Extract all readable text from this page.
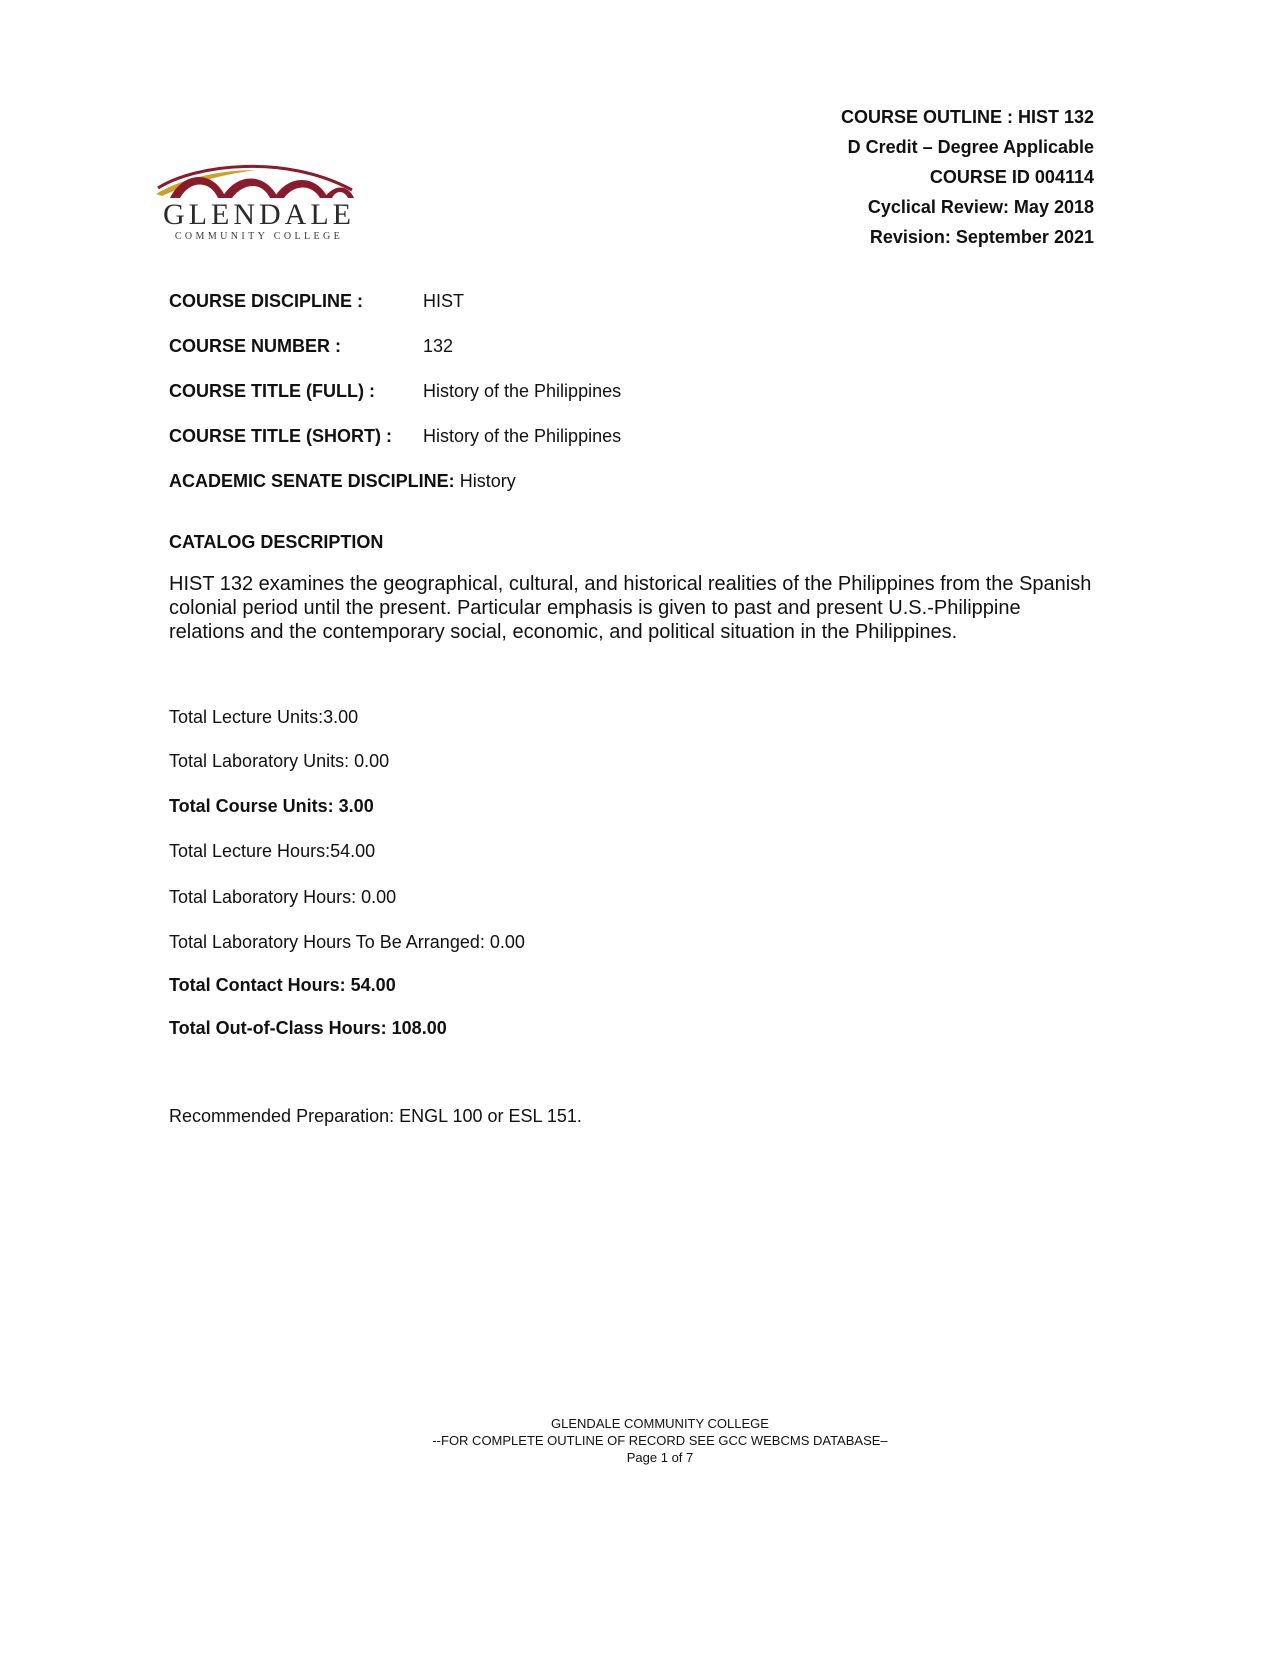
GLENDALE
COMMUNITY COLLEGE
COURSE OUTLINE : HIST 132
D Credit – Degree Applicable
COURSE ID 004114
Cyclical Review: May 2018
Revision: September 2021
COURSE DISCIPLINE :	HIST
COURSE NUMBER :	132
COURSE TITLE (FULL) :	History of the Philippines
COURSE TITLE (SHORT) : History of the Philippines
ACADEMIC SENATE DISCIPLINE: History
CATALOG DESCRIPTION
HIST 132 examines the geographical, cultural, and historical realities of the Philippines from the Spanish colonial period until the present. Particular emphasis is given to past and present U.S.-Philippine relations and the contemporary social, economic, and political situation in the Philippines.
Total Lecture Units:3.00
Total Laboratory Units: 0.00
Total Course Units: 3.00
Total Lecture Hours:54.00
Total Laboratory Hours: 0.00
Total Laboratory Hours To Be Arranged: 0.00
Total Contact Hours: 54.00
Total Out-of-Class Hours: 108.00
Recommended Preparation: ENGL 100 or ESL 151.
GLENDALE COMMUNITY COLLEGE
--FOR COMPLETE OUTLINE OF RECORD SEE GCC WEBCMS DATABASE–
Page 1 of 7
